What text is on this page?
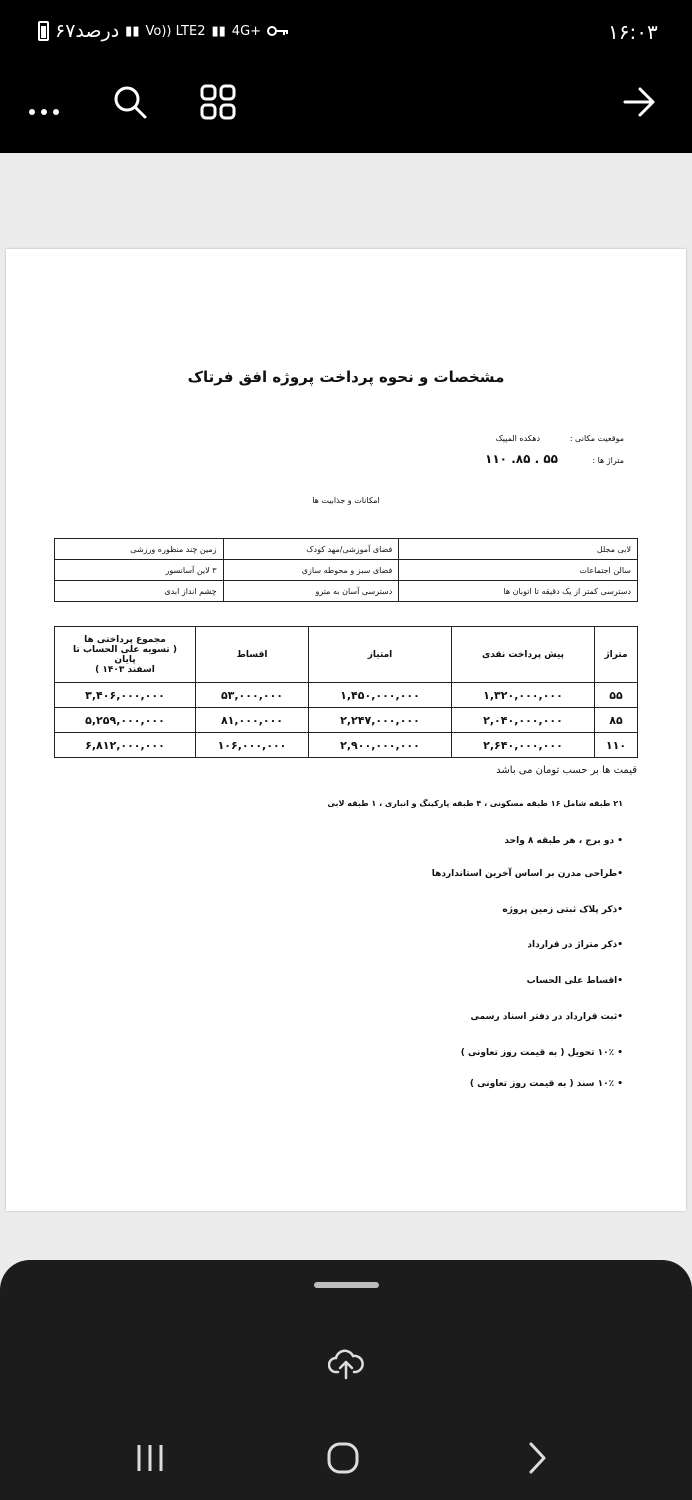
۶۷درصد ▮▮ Vo)) LTE2 ▮▮ 4G+	۱۶:۰۳
مشخصات و نحوه پرداخت پروژه افق فرتاک
موقعیت مکانی :
دهکده المپیک
متراژ ها :
۵۵ . ۸۵. ۱۱۰
امکانات و جذابیت ها
لابی مجلل	فضای آموزشی/مهد کودک	زمین چند منظوره ورزشی
سالن اجتماعات	فضای سبز و محوطه سازی	۳ لاین آسانسور
دسترسی کمتر از یک دقیقه تا اتوبان ها	دسترسی آسان به مترو	چشم انداز ابدی
متراژ	پیش پرداخت نقدی	امتیاز	اقساط	مجموع پرداختی ها
( تسویه علی الحساب تا پایان
اسفند ۱۴۰۳ )

۵۵	۱,۳۲۰,۰۰۰,۰۰۰	۱,۴۵۰,۰۰۰,۰۰۰	۵۳,۰۰۰,۰۰۰	۳,۴۰۶,۰۰۰,۰۰۰
۸۵	۲,۰۴۰,۰۰۰,۰۰۰	۲,۲۴۷,۰۰۰,۰۰۰	۸۱,۰۰۰,۰۰۰	۵,۲۵۹,۰۰۰,۰۰۰
۱۱۰	۲,۶۴۰,۰۰۰,۰۰۰	۲,۹۰۰,۰۰۰,۰۰۰	۱۰۶,۰۰۰,۰۰۰	۶,۸۱۲,۰۰۰,۰۰۰
قیمت ها بر حسب تومان می باشد
۲۱ طبقه شامل ۱۶ طبقه مسکونی ، ۴ طبقه پارکینگ و انباری ، ۱ طبقه لابی
• دو برج ، هر طبقه ۸ واحد
•طراحی مدرن بر اساس آخرین استانداردها
•ذکر پلاک ثبتی زمین پروژه
•ذکر متراژ در قرارداد
•اقساط علی الحساب
•ثبت قرارداد در دفتر اسناد رسمی
• ۱۰٪ تحویل ( به قیمت روز تعاونی )
• ۱۰٪ سند ( به قیمت روز تعاونی )
